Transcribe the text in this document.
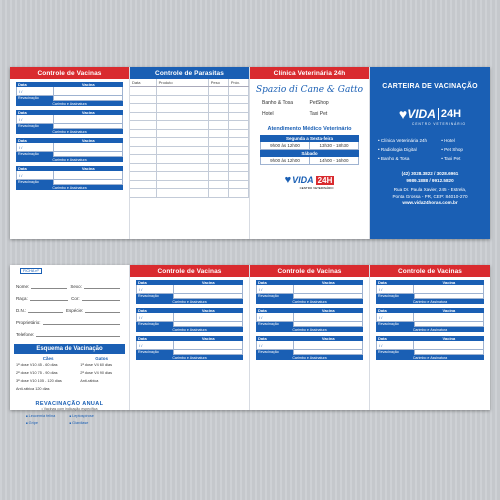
Controle de Vacinas
Data	Vacina
/ /
Revacinação
Carimbo e Assinatura
Data	Vacina
/ /
Revacinação
Carimbo e Assinatura
Data	Vacina
/ /
Revacinação
Carimbo e Assinatura
Data	Vacina
/ /
Revacinação
Carimbo e Assinatura
Controle de Parasitas
Data	Produto	Peso	Próx.

Clínica Veterinária 24h
Spazio di Cane & Gatto
Banho & Tosa	PetShop
Hotel	Taxi Pet
Atendimento Médico Veterinário
Segunda a Sexta-feira
9h00 às 12h00	13h30 - 18h30
Sábado
9h00 às 12h00	14h00 - 16h00
♥ VIDA 24H
CENTRO VETERINÁRIO
CARTEIRA DE VACINAÇÃO
♥ VIDA 24H
CENTRO VETERINÁRIO
• Clínica Veterinária 24h	• Hotel
• Radiologia Digital	• Pet Shop
• Banho & Tosa	• Taxi Pet
(42) 3028.3822 / 3028.6961
9989.1888 / 9912.5820
Rua Dr. Paula Xavier, 245 - Estrela,
Ponta Grossa - PR, CEP: 84010-270
www.vida24horas.com.br
FICHA nº
Nome:	Sexo:
Raça:	Cor:
D.N.:	Espécie:
Proprietário:
Telefone:
Esquema de Vacinação
Cães
1ª dose V10 45 - 60 dias
2ª dose V10 75 - 90 dias
3ª dose V10 105 - 120 dias
Anti-rábica 120 dias
Gatos
1ª dose V4 60 dias
2ª dose V4 90 dias
Anti-rábica
REVACINAÇÃO ANUAL
• Vacinas com indicação específica
■ Leucemia felina	■ Leptospirose
■ Gripe	■ Giardiase
Controle de Vacinas
Data	Vacina
/ /
Revacinação
Carimbo e Assinatura
Data	Vacina
/ /
Revacinação
Carimbo e Assinatura
Data	Vacina
/ /
Revacinação
Carimbo e Assinatura
Controle de Vacinas
Data	Vacina
/ /
Revacinação
Carimbo e Assinatura
Data	Vacina
/ /
Revacinação
Carimbo e Assinatura
Data	Vacina
/ /
Revacinação
Carimbo e Assinatura
Controle de Vacinas
Data	Vacina
/ /
Revacinação
Carimbo e Assinatura
Data	Vacina
/ /
Revacinação
Carimbo e Assinatura
Data	Vacina
/ /
Revacinação
Carimbo e Assinatura
